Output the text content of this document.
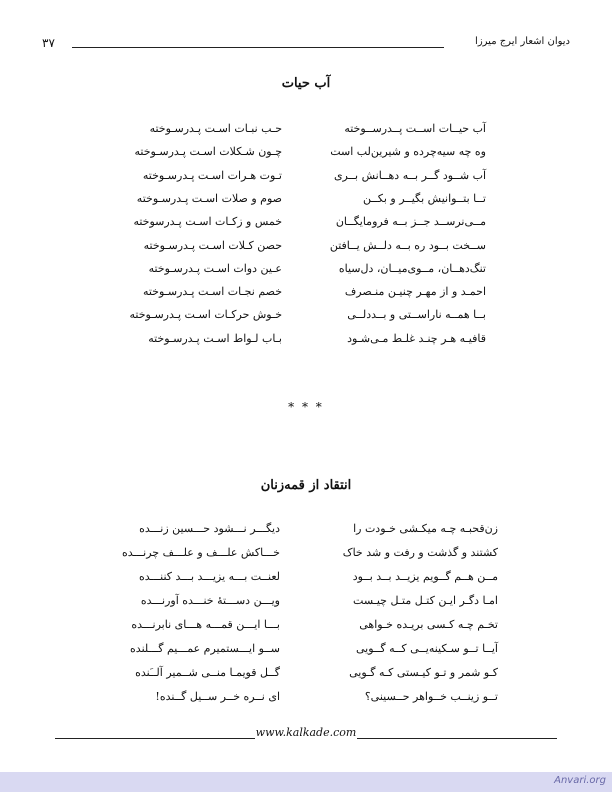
۳۷	دیوان اشعار ایرج میرزا
آب حیات
آب حیــات اســت پــدرســوخته
حـب نبـات اسـت پـدرسـوخته
وه چه سیه‌چرده و شیرین‌لب است
چـون شـکلات اسـت پـدرسـوخته
آب شــود گــر بــه دهــانش بــری
تـوت هـرات اسـت پـدرسـوخته
تــا بتــوانیش بگیــر و بکــن
صوم و صلات اسـت پـدرسـوخته
مــی‌نرســد جــز بــه فرومایگــان
خمس و زکـات اسـت پـدرسوخته
ســخت بــود ره بــه دلــش یــافتن
حصن کـلات اسـت پـدرسـوخته
تنگ‌دهــان، مــوی‌میــان، دل‌سیاه
عـین دوات اسـت پـدرسـوخته
احمـد و از مهـر چنیـن منـصرف
خصم نجـات اسـت پـدرسـوخته
بــا همــه ناراســتی و بــددلــی
خـوش حرکـات اسـت پـدرسـوخته
قافیـه هـر چنـد غلـط مـی‌شـود
بـاب لـواط اسـت پـدرسـوخته
* * *
انتقاد از قمه‌زنان
زن‌قحبـه چـه میکـشی خـودت را
دیگـــر نـــشود حـــسین زنـــده
کشتند و گذشت و رفت و شد خاک
خـــاکش علـــف و علـــف چرنـــده
مــن هــم گــویم یزیــد بــد بــود
لعنــت بـــه یزیـــد بـــد کننـــده
امـا دگـر ایـن کتـل متـل چیـست
ویـــن دســـتهٔ خنـــده آورنـــده
تخـم چـه کـسی بریـده خـواهی
بـــا ایـــن قمـــه هـــای نابرنـــده
آیــا تــو سـکینه‌یــی کــه گــویی
ســو ایـــستمیرم عمـــیم گـــلنده
کـو شمر و تـو کیـستی کـه گـویی
گــل قویمـا منــی شــمیر آلــَنده
تــو زینــب خــواهر حــسینی؟
ای نــره خــر ســیل گــنده!
www.kalkade.com
Anvari.org
